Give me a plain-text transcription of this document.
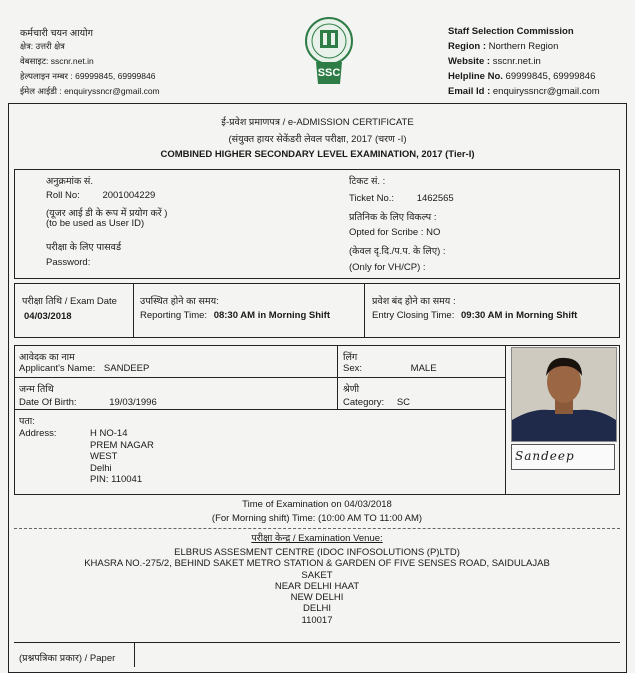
कर्मचारी चयन आयोग
क्षेत्र: उत्तरी क्षेत्र
वेबसाइट: sscnr.net.in
हेल्पलाइन नम्बर : 69999845, 69999846
ईमेल आईडी : enquiryssncr@gmail.com
SSC
Staff Selection Commission
Region : Northern Region
Website : sscnr.net.in
Helpline No. 69999845, 69999846
Email Id : enquiryssncr@gmail.com
ई-प्रवेश प्रमाणपत्र / e-ADMISSION CERTIFICATE
(संयुक्त हायर सेकेंडरी लेवल परीक्षा, 2017 (चरण -I)
COMBINED HIGHER SECONDARY LEVEL EXAMINATION, 2017 (Tier-I)
अनुक्रमांक सं.
Roll No: 2001004229
(यूजर आई डी के रूप में प्रयोग करें )
(to be used as User ID)
परीक्षा के लिए पासवर्ड
Password:
टिकट सं. :
Ticket No.: 1462565
प्रतिनिक के लिए विकल्प :
Opted for Scribe : NO
(केवल दृ.दि./प.प. के लिए) :
(Only for VH/CP) :
परीक्षा तिथि / Exam Date
04/03/2018
उपस्थित होने का समय:
Reporting Time: 08:30 AM in Morning Shift
प्रवेश बंद होने का समय :
Entry Closing Time: 09:30 AM in Morning Shift
आवेदक का नाम
Applicant's Name: SANDEEP
लिंग
Sex:	MALE
जन्म तिथि
Date Of Birth:	19/03/1996
श्रेणी
Category: SC
पता:
Address:	H NO-14
PREM NAGAR
WEST
Delhi
PIN: 110041
Sandeep
Time of Examination on 04/03/2018
(For Morning shift) Time: (10:00 AM TO 11:00 AM)
परीक्षा केन्द्र / Examination Venue:
ELBRUS ASSESMENT CENTRE (IDOC INFOSOLUTIONS (P)LTD)
KHASRA NO.-275/2, BEHIND SAKET METRO STATION & GARDEN OF FIVE SENSES ROAD, SAIDULAJAB
SAKET
NEAR DELHI HAAT
NEW DELHI
DELHI
110017
(प्रश्नपत्रिका प्रकार) / Paper
